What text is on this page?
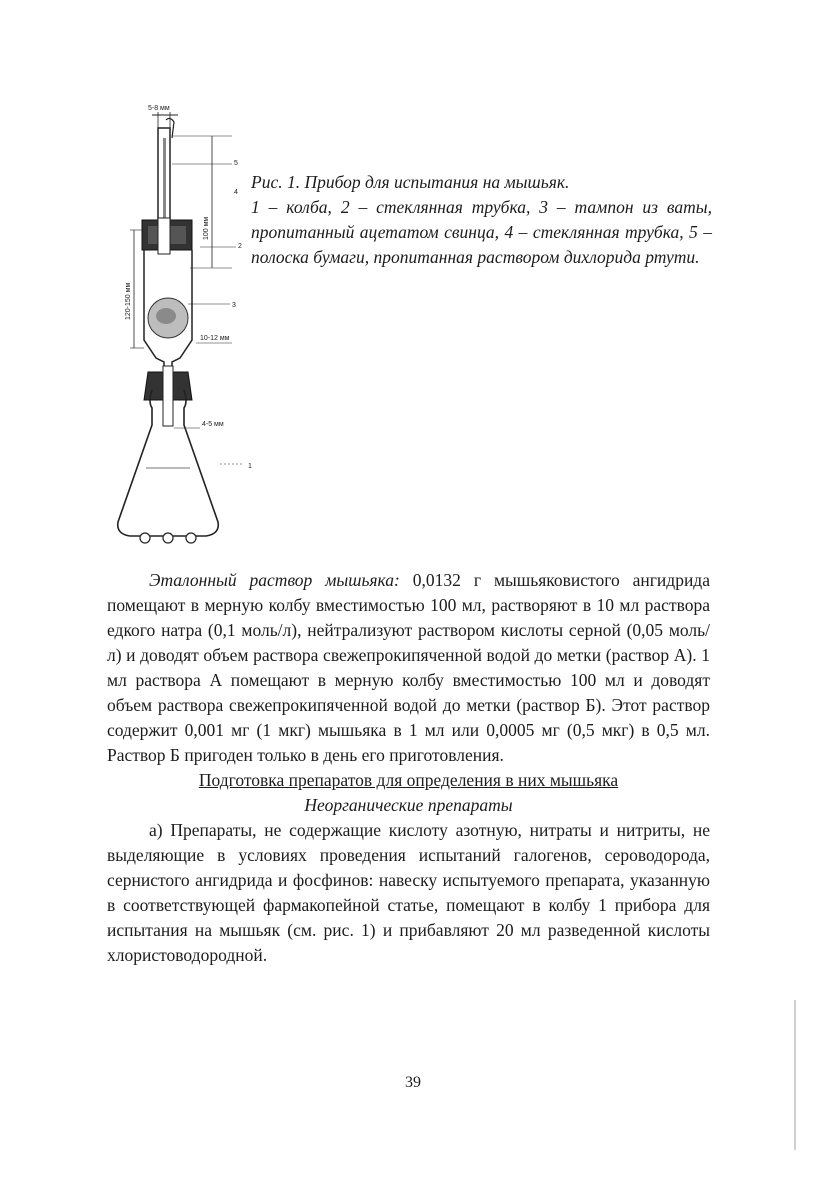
5-8 мм
100 мм
5
4
2
120-150 мм	3
10-12 мм
4-5 мм
1
Рис. 1. Прибор для испытания на мышьяк.
1 – колба, 2 – стеклянная трубка, 3 – тампон из ваты, пропитанный ацетатом свинца, 4 – стеклянная трубка, 5 – полоска бумаги, пропитанная раствором дихлорида ртути.

Эталонный раствор мышьяка: 0,0132 г мышьяковистого ангидрида помещают в мерную колбу вместимостью 100 мл, растворяют в 10 мл раствора едкого натра (0,1 моль/л), нейтрализуют раствором кислоты серной (0,05 моль/л) и доводят объем раствора свежепрокипяченной водой до метки (раствор А). 1 мл раствора А помещают в мерную колбу вместимостью 100 мл и доводят объем раствора свежепрокипяченной водой до метки (раствор Б). Этот раствор содержит 0,001 мг (1 мкг) мышьяка в 1 мл или 0,0005 мг (0,5 мкг) в 0,5 мл. Раствор Б пригоден только в день его приготовления.

Подготовка препаратов для определения в них мышьяка

Неорганические препараты

а) Препараты, не содержащие кислоту азотную, нитраты и нитриты, не выделяющие в условиях проведения испытаний галогенов, сероводорода, сернистого ангидрида и фосфинов: навеску испытуемого препарата, указанную в соответствующей фармакопейной статье, помещают в колбу 1 прибора для испытания на мышьяк (см. рис. 1) и прибавляют 20 мл разведенной кислоты хлористоводородной.

39
